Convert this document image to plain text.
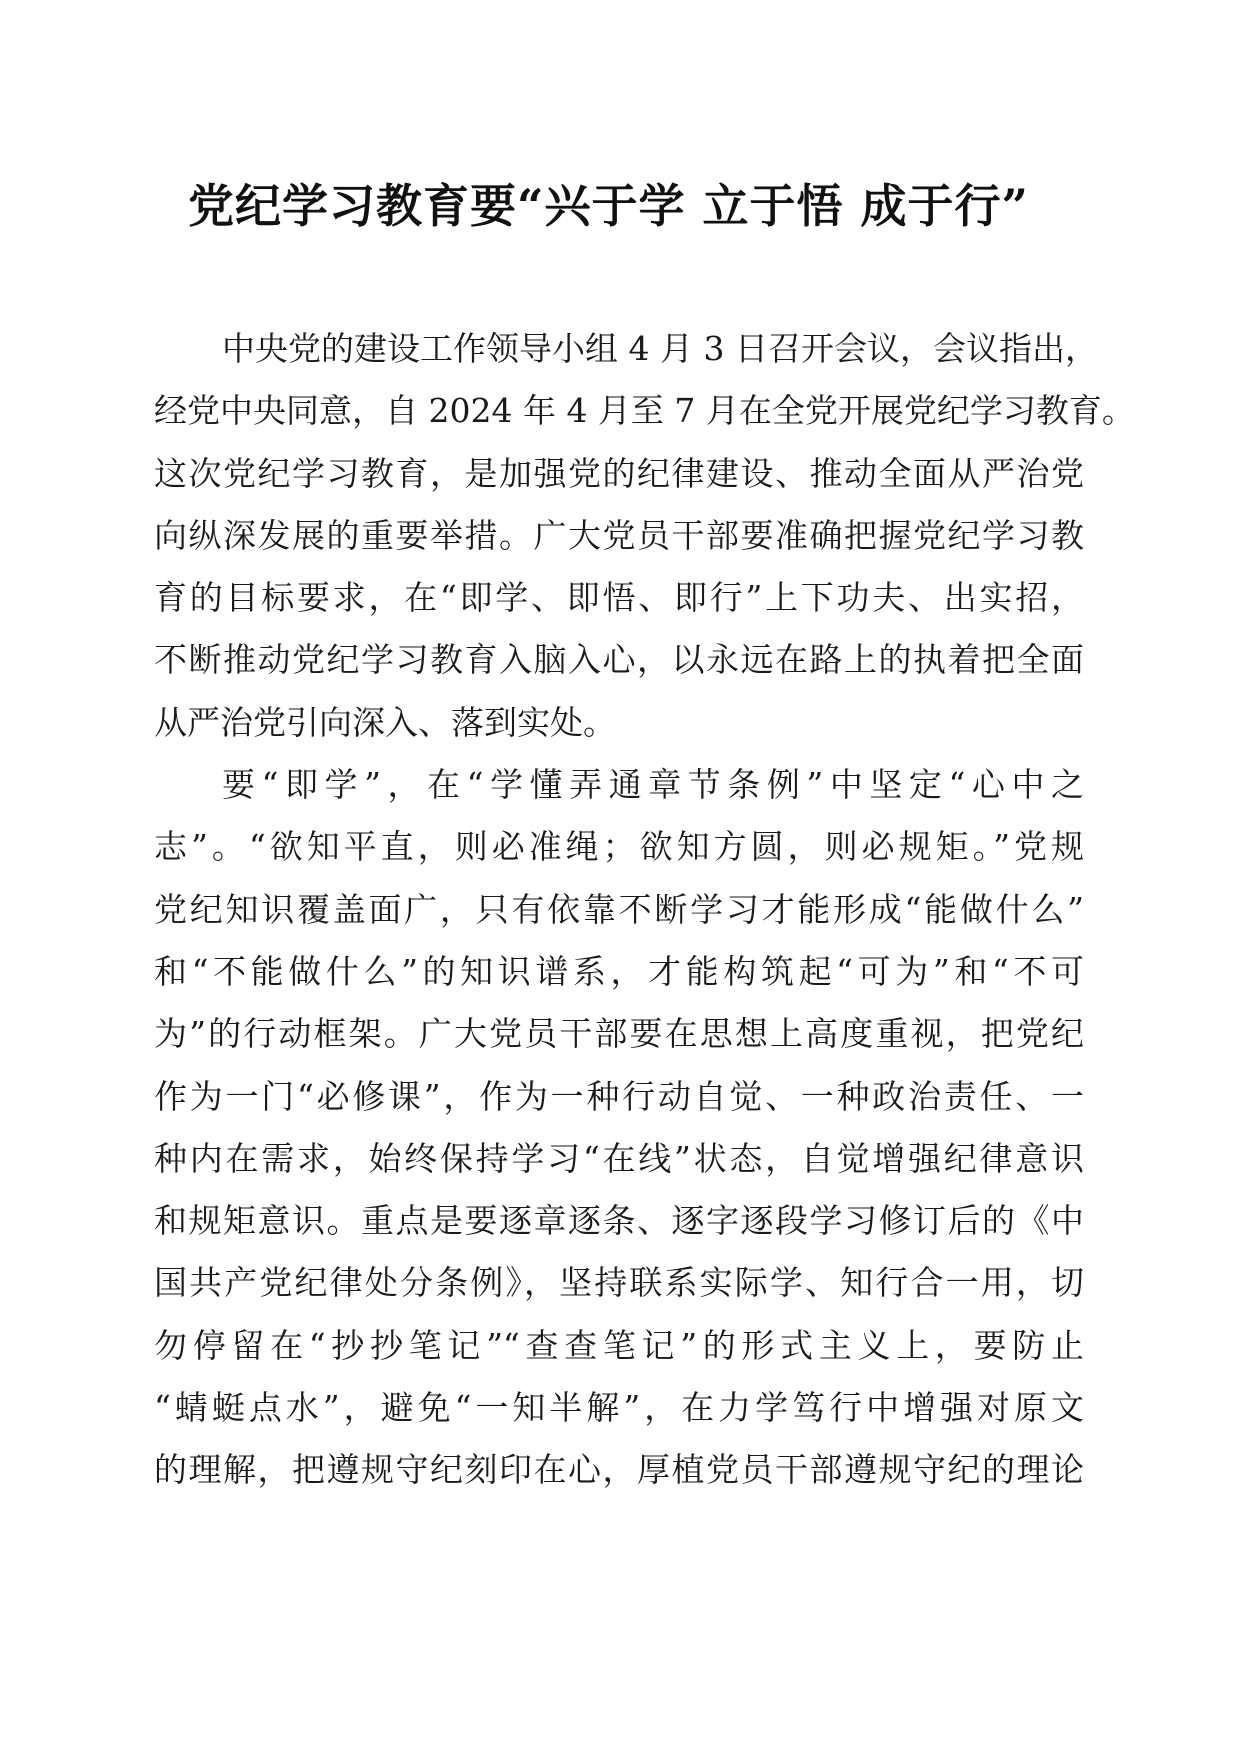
党纪学习教育要“兴于学 立于悟 成于行”
中央党的建设工作领导小组 4 月 3 日召开会议，会议指出，
经党中央同意，自 2024 年 4 月至 7 月在全党开展党纪学习教育。
这次党纪学习教育，是加强党的纪律建设、推动全面从严治党
向纵深发展的重要举措。广大党员干部要准确把握党纪学习教
育的目标要求，在“即学、即悟、即行”上下功夫、出实招，
不断推动党纪学习教育入脑入心，以永远在路上的执着把全面
从严治党引向深入、落到实处。
要“即学”，在“学懂弄通章节条例”中坚定“心中之
志”。“欲知平直，则必准绳；欲知方圆，则必规矩。”党规
党纪知识覆盖面广，只有依靠不断学习才能形成“能做什么”
和“不能做什么”的知识谱系，才能构筑起“可为”和“不可
为”的行动框架。广大党员干部要在思想上高度重视，把党纪
作为一门“必修课”，作为一种行动自觉、一种政治责任、一
种内在需求，始终保持学习“在线”状态，自觉增强纪律意识
和规矩意识。重点是要逐章逐条、逐字逐段学习修订后的《中
国共产党纪律处分条例》，坚持联系实际学、知行合一用，切
勿停留在“抄抄笔记”“查查笔记”的形式主义上，要防止
“蜻蜓点水”，避免“一知半解”，在力学笃行中增强对原文
的理解，把遵规守纪刻印在心，厚植党员干部遵规守纪的理论
